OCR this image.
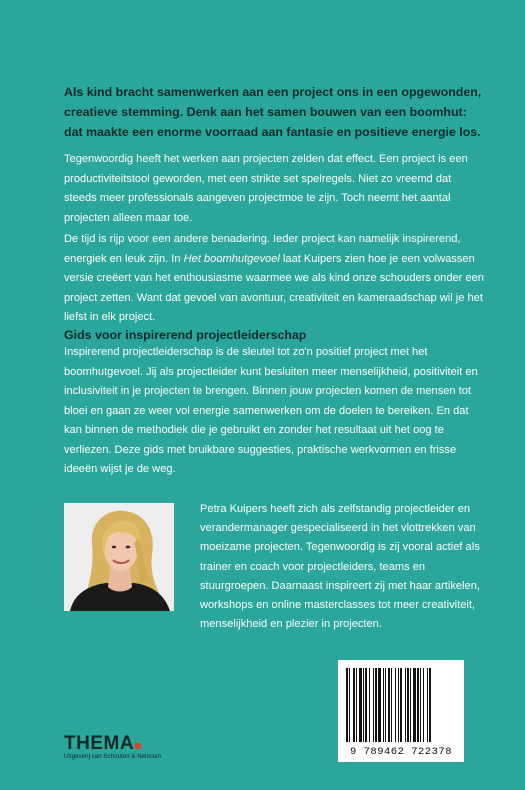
Als kind bracht samenwerken aan een project ons in een opgewonden, creatieve stemming. Denk aan het samen bouwen van een boomhut: dat maakte een enorme voorraad aan fantasie en positieve energie los.
Tegenwoordig heeft het werken aan projecten zelden dat effect. Een project is een productiviteitstool geworden, met een strikte set spelregels. Niet zo vreemd dat steeds meer professionals aangeven projectmoe te zijn. Toch neemt het aantal projecten alleen maar toe.
De tijd is rijp voor een andere benadering. Ieder project kan namelijk inspirerend, energiek en leuk zijn. In Het boomhutgevoel laat Kuipers zien hoe je een volwassen versie creëert van het enthousiasme waarmee we als kind onze schouders onder een project zetten. Want dat gevoel van avontuur, creativiteit en kameraadschap wil je het liefst in elk project.
Gids voor inspirerend projectleiderschap
Inspirerend projectleiderschap is de sleutel tot zo'n positief project met het boomhutgevoel. Jij als projectleider kunt besluiten meer menselijkheid, positiviteit en inclusiviteit in je projecten te brengen. Binnen jouw projecten komen de mensen tot bloei en gaan ze weer vol energie samenwerken om de doelen te bereiken. En dat kan binnen de methodiek die je gebruikt en zonder het resultaat uit het oog te verliezen. Deze gids met bruikbare suggesties, praktische werkvormen en frisse ideeën wijst je de weg.
Petra Kuipers heeft zich als zelfstandig projectleider en verandermanager gespecialiseerd in het vlottrekken van moeizame projecten. Tegenwoordig is zij vooral actief als trainer en coach voor projectleiders, teams en stuurgroepen. Daarnaast inspireert zij met haar artikelen, workshops en online masterclasses tot meer creativiteit, menselijkheid en plezier in projecten.
9 789462 722378
THEMA
Uitgeverij van Schouten & Nelissen
